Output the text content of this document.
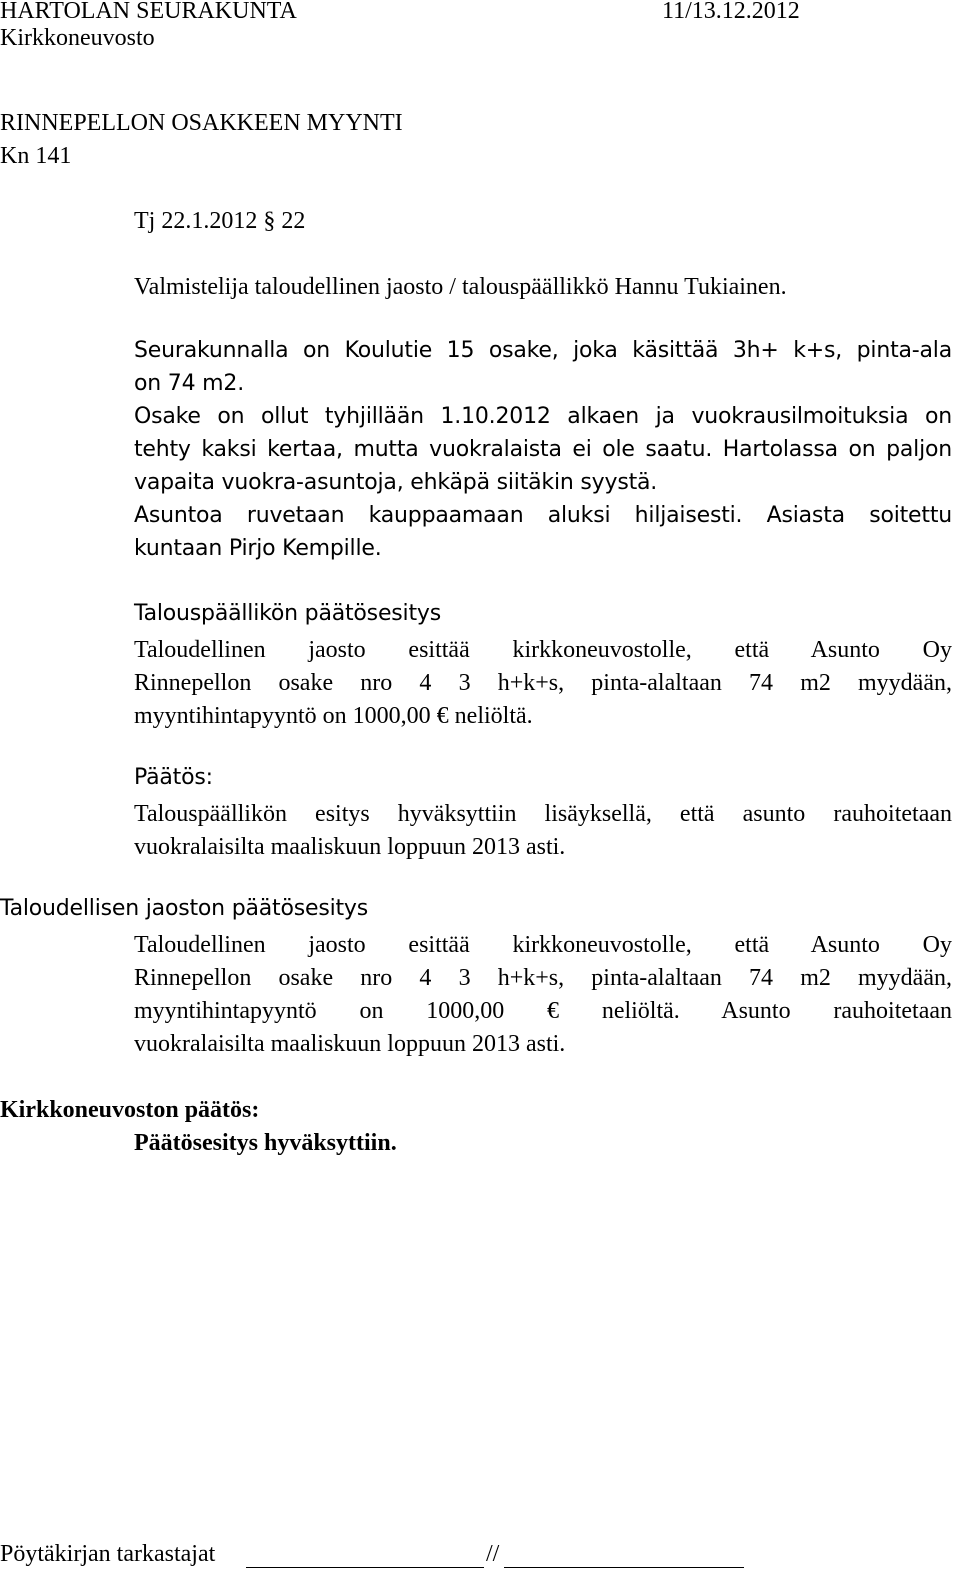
HARTOLAN SEURAKUNTA	11/13.12.2012
Kirkkoneuvosto
RINNEPELLON OSAKKEEN MYYNTI
Kn 141
Tj 22.1.2012 § 22
Valmistelija taloudellinen jaosto / talouspäällikkö Hannu Tukiainen.
Seurakunnalla on Koulutie 15 osake, joka käsittää 3h+ k+s, pinta-ala
on 74 m2.
Osake on ollut tyhjillään 1.10.2012 alkaen ja vuokrausilmoituksia on
tehty kaksi kertaa, mutta vuokralaista ei ole saatu. Hartolassa on paljon
vapaita vuokra-asuntoja, ehkäpä siitäkin syystä.
Asuntoa ruvetaan kauppaamaan aluksi hiljaisesti. Asiasta soitettu
kuntaan Pirjo Kempille.
Talouspäällikön päätösesitys
Taloudellinen jaosto esittää kirkkoneuvostolle, että Asunto Oy
Rinnepellon osake nro 4 3 h+k+s, pinta-alaltaan 74 m2 myydään,
myyntihintapyyntö on 1000,00 € neliöltä.
Päätös:
Talouspäällikön esitys hyväksyttiin lisäyksellä, että asunto rauhoitetaan
vuokralaisilta maaliskuun loppuun 2013 asti.
Taloudellisen jaoston päätösesitys
Taloudellinen jaosto esittää kirkkoneuvostolle, että Asunto Oy
Rinnepellon osake nro 4 3 h+k+s, pinta-alaltaan 74 m2 myydään,
myyntihintapyyntö on 1000,00 € neliöltä. Asunto rauhoitetaan
vuokralaisilta maaliskuun loppuun 2013 asti.
Kirkkoneuvoston päätös:
Päätösesitys hyväksyttiin.
Pöytäkirjan tarkastajat	//
